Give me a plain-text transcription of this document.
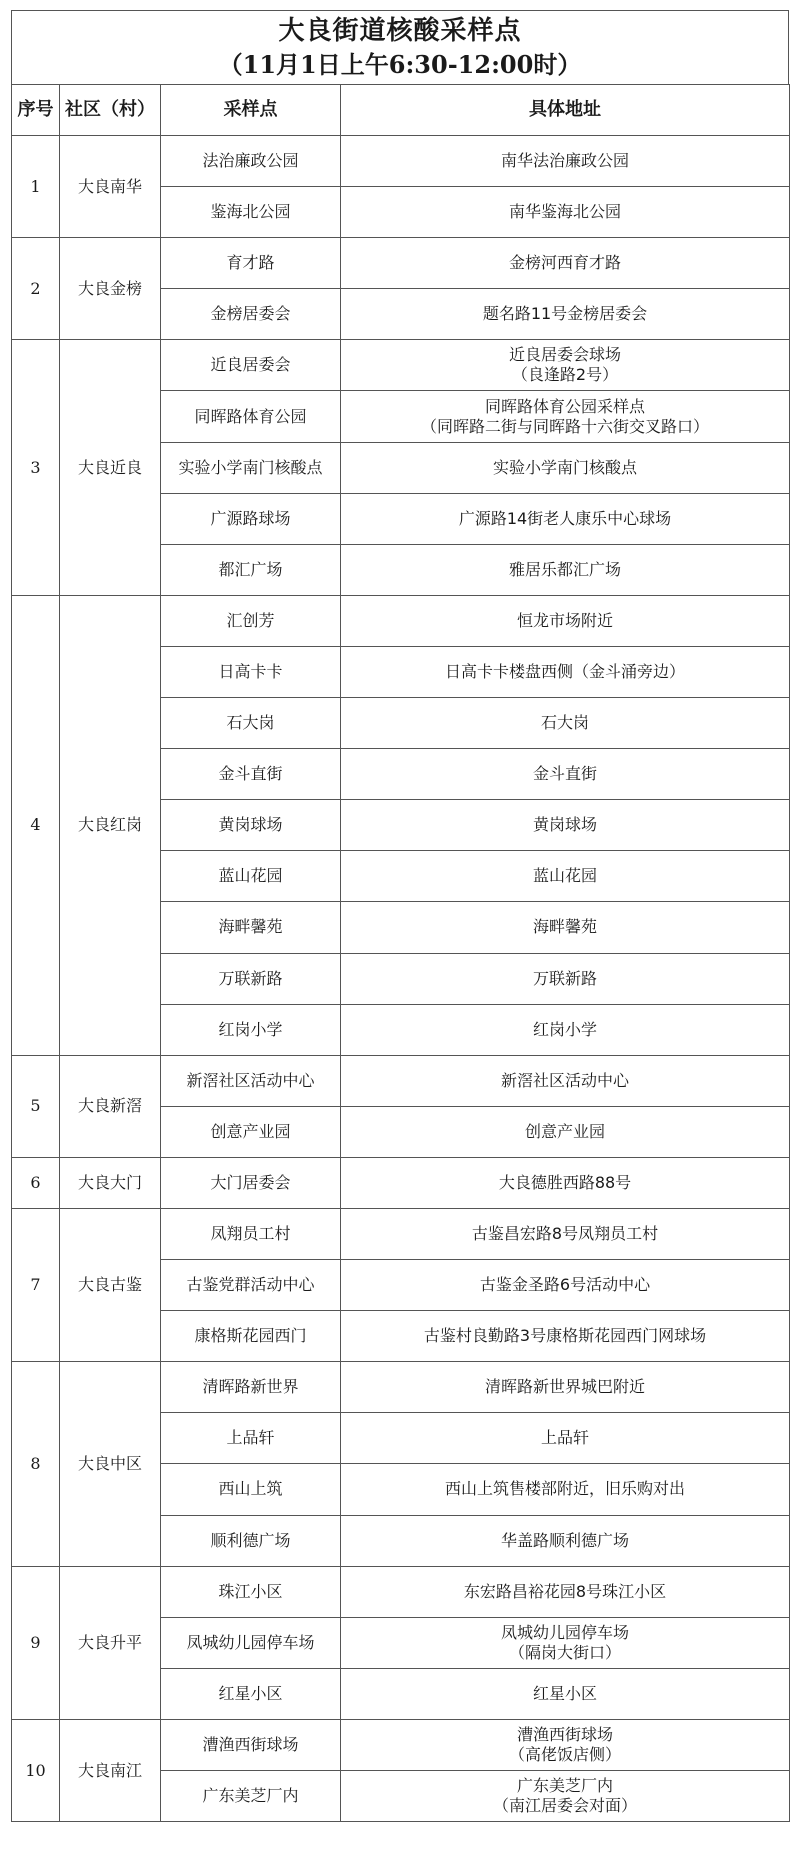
大良街道核酸采样点
（11月1日上午6:30-12:00时）
序号	社区（村）	采样点	具体地址
1	大良南华	法治廉政公园	南华法治廉政公园

		鉴海北公园	南华鉴海北公园

2	大良金榜	育才路	金榜河西育才路

		金榜居委会	题名路11号金榜居委会

3	大良近良	近良居委会	近良居委会球场
（良逢路2号）

		同晖路体育公园	同晖路体育公园采样点
（同晖路二街与同晖路十六街交叉路口）

		实验小学南门核酸点	实验小学南门核酸点

		广源路球场	广源路14街老人康乐中心球场

		都汇广场	雅居乐都汇广场

4	大良红岗	汇创芳	恒龙市场附近

		日高卡卡	日高卡卡楼盘西侧（金斗涌旁边）

		石大岗	石大岗

		金斗直街	金斗直街

		黄岗球场	黄岗球场

		蓝山花园	蓝山花园

		海畔馨苑	海畔馨苑

		万联新路	万联新路

		红岗小学	红岗小学

5	大良新滘	新滘社区活动中心	新滘社区活动中心

		创意产业园	创意产业园

6	大良大门	大门居委会	大良德胜西路88号

7	大良古鉴	凤翔员工村	古鉴昌宏路8号凤翔员工村

		古鉴党群活动中心	古鉴金圣路6号活动中心

		康格斯花园西门	古鉴村良勤路3号康格斯花园西门网球场

8	大良中区	清晖路新世界	清晖路新世界城巴附近

		上品轩	上品轩

		西山上筑	西山上筑售楼部附近，旧乐购对出

		顺利德广场	华盖路顺利德广场

9	大良升平	珠江小区	东宏路昌裕花园8号珠江小区

		凤城幼儿园停车场	凤城幼儿园停车场
（隔岗大街口）

		红星小区	红星小区

10	大良南江	漕渔西街球场	漕渔西街球场
（高佬饭店侧）

		广东美芝厂内	广东美芝厂内
（南江居委会对面）
